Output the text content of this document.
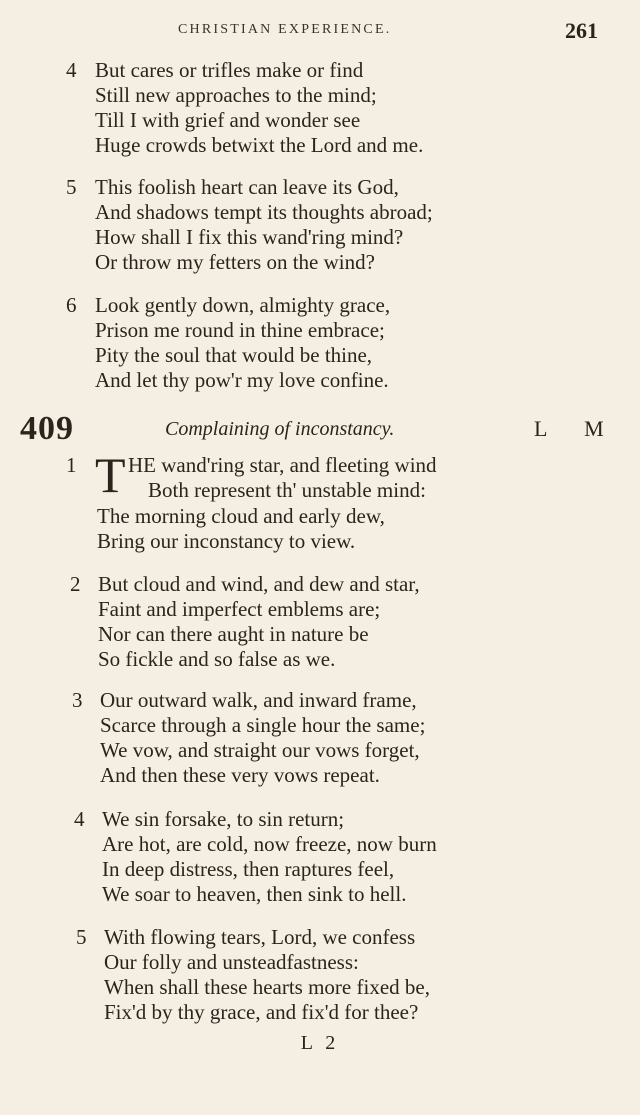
CHRISTIAN EXPERIENCE.	261
4 But cares or trifles make or find
Still new approaches to the mind;
Till I with grief and wonder see
Huge crowds betwixt the Lord and me.
5 This foolish heart can leave its God,
And shadows tempt its thoughts abroad;
How shall I fix this wand'ring mind?
Or throw my fetters on the wind?
6 Look gently down, almighty grace,
Prison me round in thine embrace;
Pity the soul that would be thine,
And let thy pow'r my love confine.
409	Complaining of inconstancy.	L M
1 T HE wand'ring star, and fleeting wind
Both represent th' unstable mind:
The morning cloud and early dew,
Bring our inconstancy to view.
2 But cloud and wind, and dew and star,
Faint and imperfect emblems are;
Nor can there aught in nature be
So fickle and so false as we.
3 Our outward walk, and inward frame,
Scarce through a single hour the same;
We vow, and straight our vows forget,
And then these very vows repeat.
4 We sin forsake, to sin return;
Are hot, are cold, now freeze, now burn
In deep distress, then raptures feel,
We soar to heaven, then sink to hell.
5 With flowing tears, Lord, we confess
Our folly and unsteadfastness:
When shall these hearts more fixed be,
Fix'd by thy grace, and fix'd for thee?
L 2
